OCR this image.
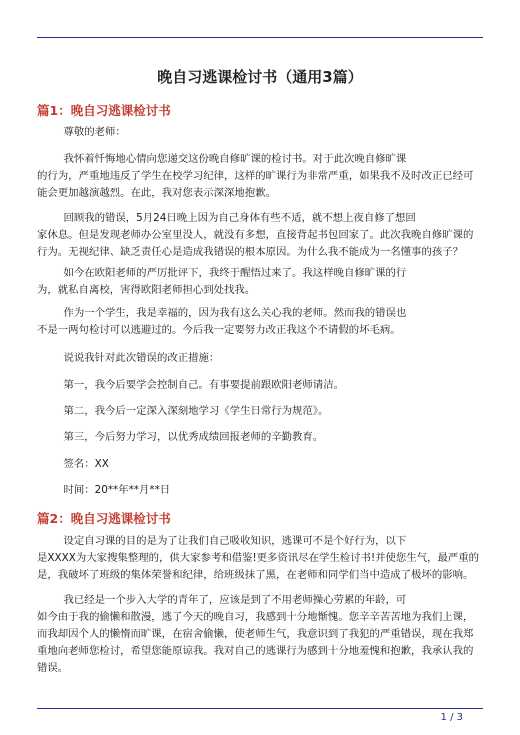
晚自习逃课检讨书（通用3篇）
篇1：晚自习逃课检讨书
尊敬的老师：
我怀着忏悔地心情向您递交这份晚自修旷课的检讨书。对于此次晚自修旷课
的行为，严重地违反了学生在校学习纪律，这样的旷课行为非常严重，如果我不及时改正已经可
能会更加越演越烈。在此，我对您表示深深地抱歉。
回顾我的错误，5月24日晚上因为自己身体有些不适，就不想上夜自修了想回
家休息。但是发现老师办公室里没人，就没有多想，直接背起书包回家了。此次我晚自修旷课的
行为。无视纪律、缺乏责任心是造成我错误的根本原因。为什么我不能成为一名懂事的孩子？
如今在欧阳老师的严厉批评下，我终于醒悟过来了。我这样晚自修旷课的行
为，就私自离校，害得欧阳老师担心到处找我。
作为一个学生，我是幸福的，因为我有这么关心我的老师。然而我的错误也
不是一两句检讨可以逃避过的。今后我一定要努力改正我这个不请假的坏毛病。
说说我针对此次错误的改正措施：
第一，我今后要学会控制自己。有事要提前跟欧阳老师请洁。
第二，我今后一定深入深刻地学习《学生日常行为规范》。
第三，今后努力学习，以优秀成绩回报老师的辛勤教育。
签名：XX
时间：20**年**月**日
篇2：晚自习逃课检讨书
设定自习课的目的是为了让我们自己吸收知识，逃课可不是个好行为，以下
是XXXX为大家搜集整理的，供大家参考和借鉴!更多资讯尽在学生检讨书!并使您生气，最严重的
是，我破坏了班级的集体荣誉和纪律，给班级抹了黑，在老师和同学们当中造成了极坏的影响。
我已经是一个步入大学的青年了，应该是到了不用老师操心劳累的年龄，可
如今由于我的偷懒和散漫，逃了今天的晚自习，我感到十分地惭愧。您辛辛苦苦地为我们上课，
而我却因个人的懒惰而旷课，在宿舍偷懒，使老师生气，我意识到了我犯的严重错误，现在我郑
重地向老师您检讨，希望您能原谅我。我对自己的逃课行为感到十分地羞愧和抱歉，我承认我的
错误。
1 / 3
